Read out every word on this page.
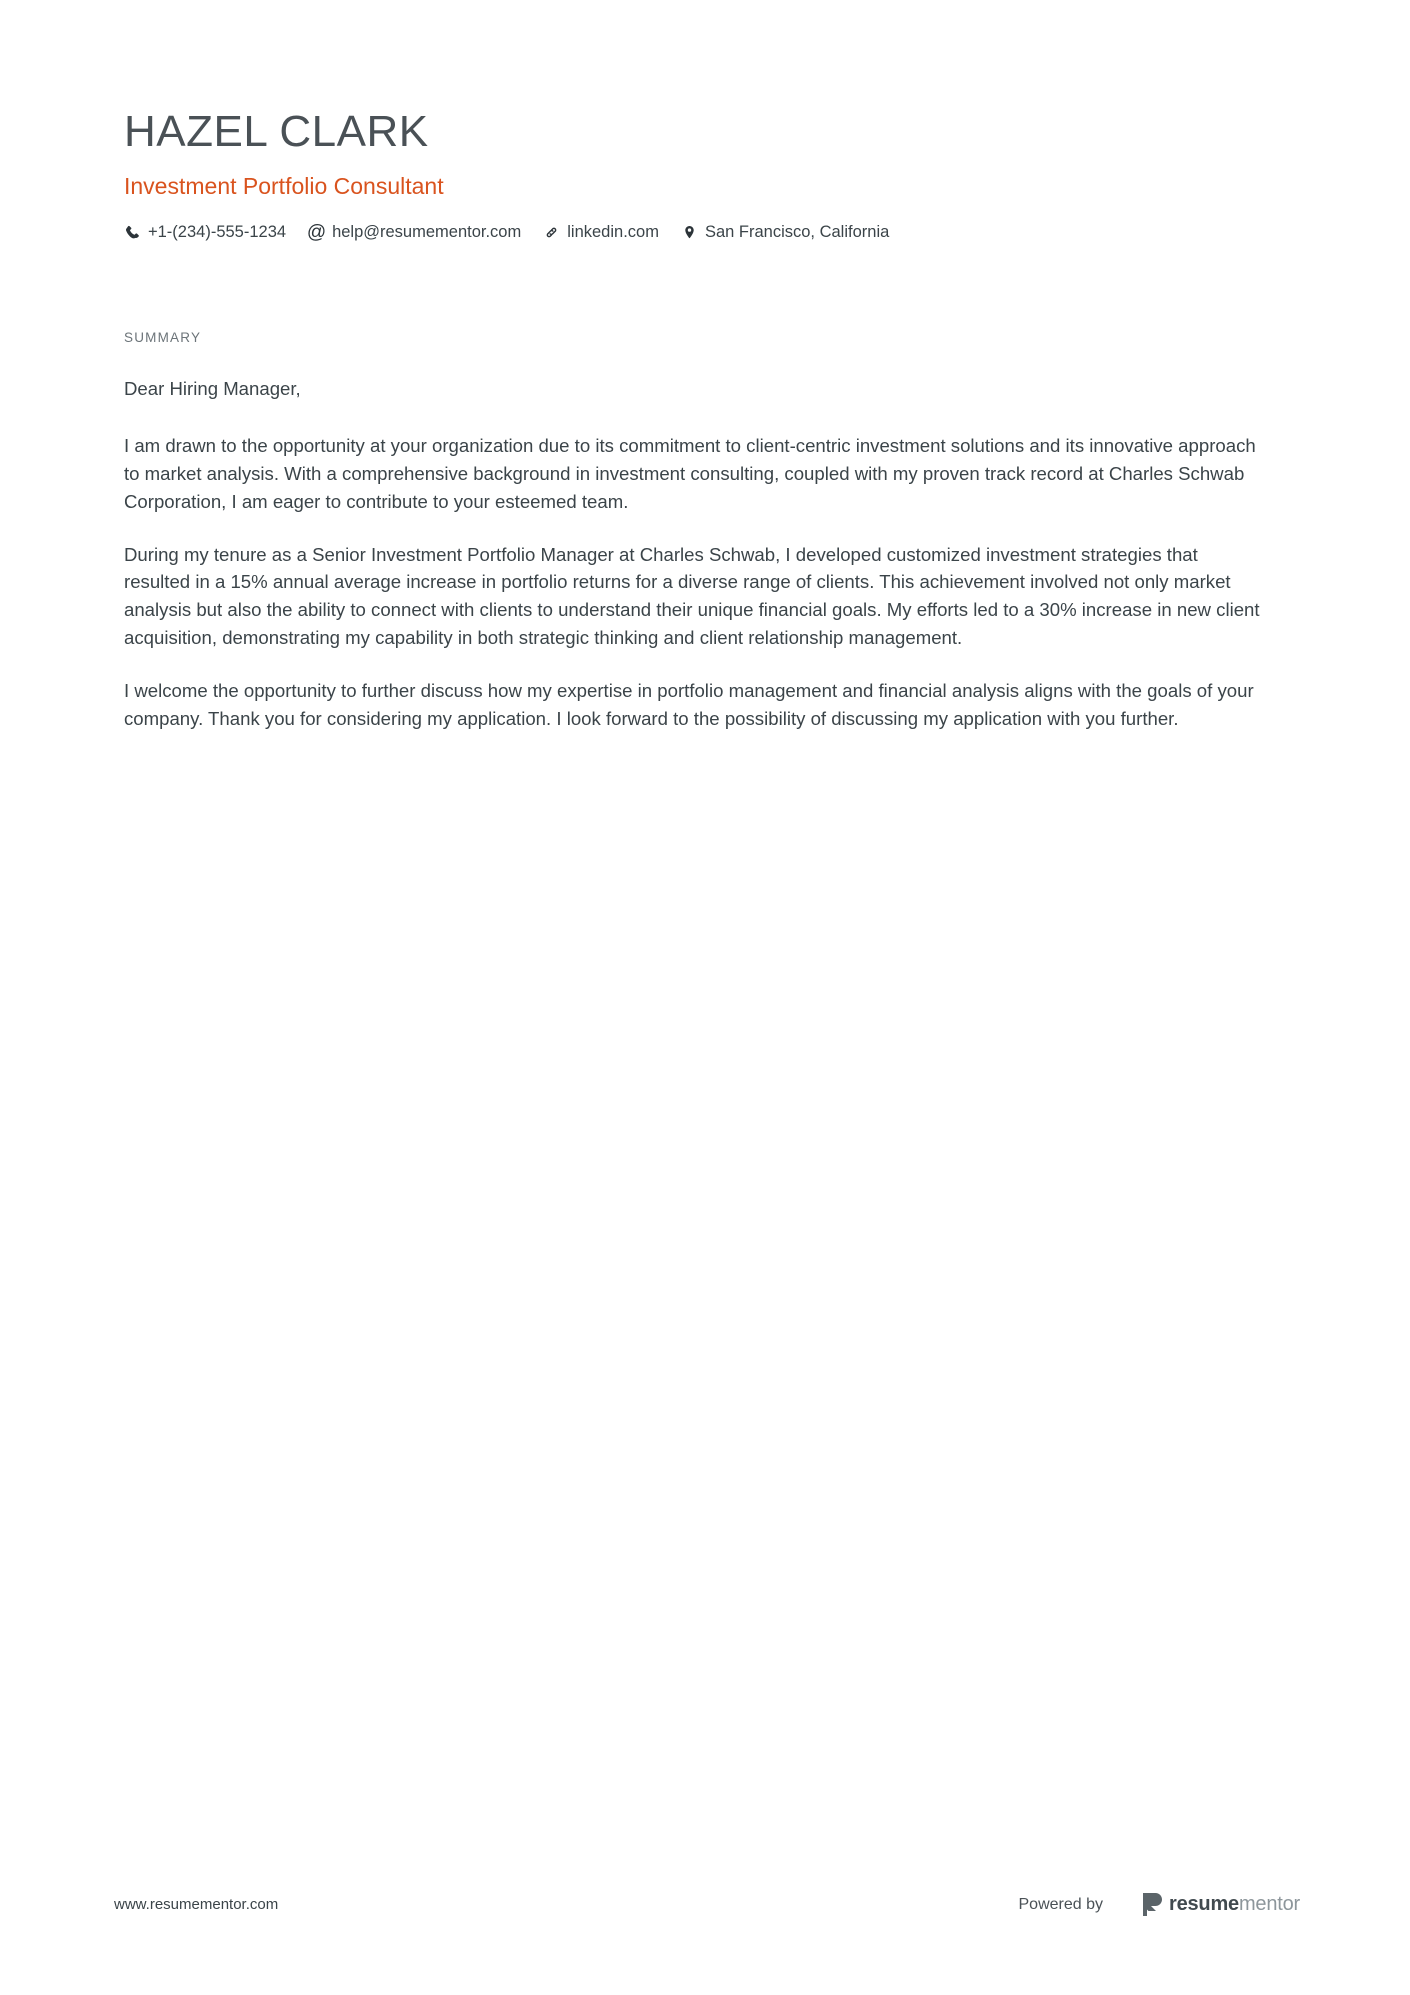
HAZEL CLARK
Investment Portfolio Consultant
+1-(234)-555-1234 @ help@resumementor.com	linkedin.com	San Francisco, California
SUMMARY

Dear Hiring Manager,

I am drawn to the opportunity at your organization due to its commitment to client-centric investment solutions and its innovative approach to market analysis. With a comprehensive background in investment consulting, coupled with my proven track record at Charles Schwab Corporation, I am eager to contribute to your esteemed team.

During my tenure as a Senior Investment Portfolio Manager at Charles Schwab, I developed customized investment strategies that resulted in a 15% annual average increase in portfolio returns for a diverse range of clients. This achievement involved not only market analysis but also the ability to connect with clients to understand their unique financial goals. My efforts led to a 30% increase in new client acquisition, demonstrating my capability in both strategic thinking and client relationship management.

I welcome the opportunity to further discuss how my expertise in portfolio management and financial analysis aligns with the goals of your company. Thank you for considering my application. I look forward to the possibility of discussing my application with you further.

www.resumementor.com	Powered by	resumementor
